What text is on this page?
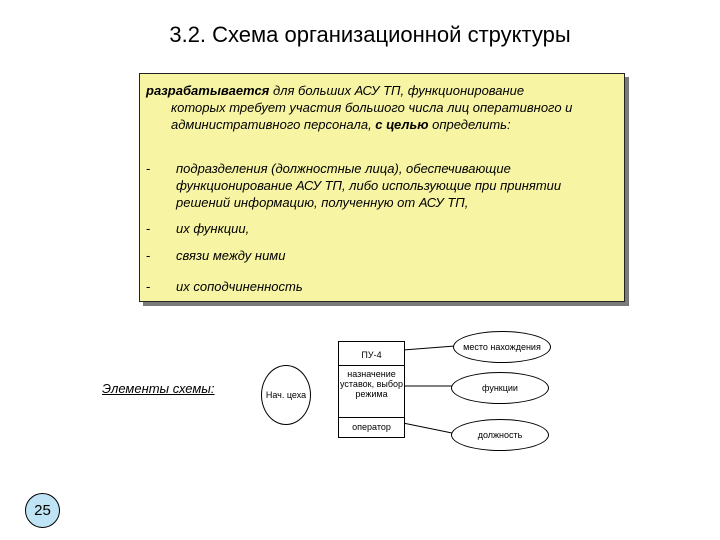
3.2. Схема организационной структуры
разрабатывается для больших АСУ ТП, функционирование
которых требует участия большого числа лиц оперативного и
административного персонала, с целью определить:
-	подразделения (должностные лица), обеспечивающие функционирование АСУ ТП, либо использующие при принятии решений информацию, полученную от АСУ ТП,
-	их функции,
-	связи между ними
-	их соподчиненность
Элементы схемы:	Нач. цеха
ПУ-4
назначение уставок, выбор режима
оператор
место нахождения
функции
должность
25
